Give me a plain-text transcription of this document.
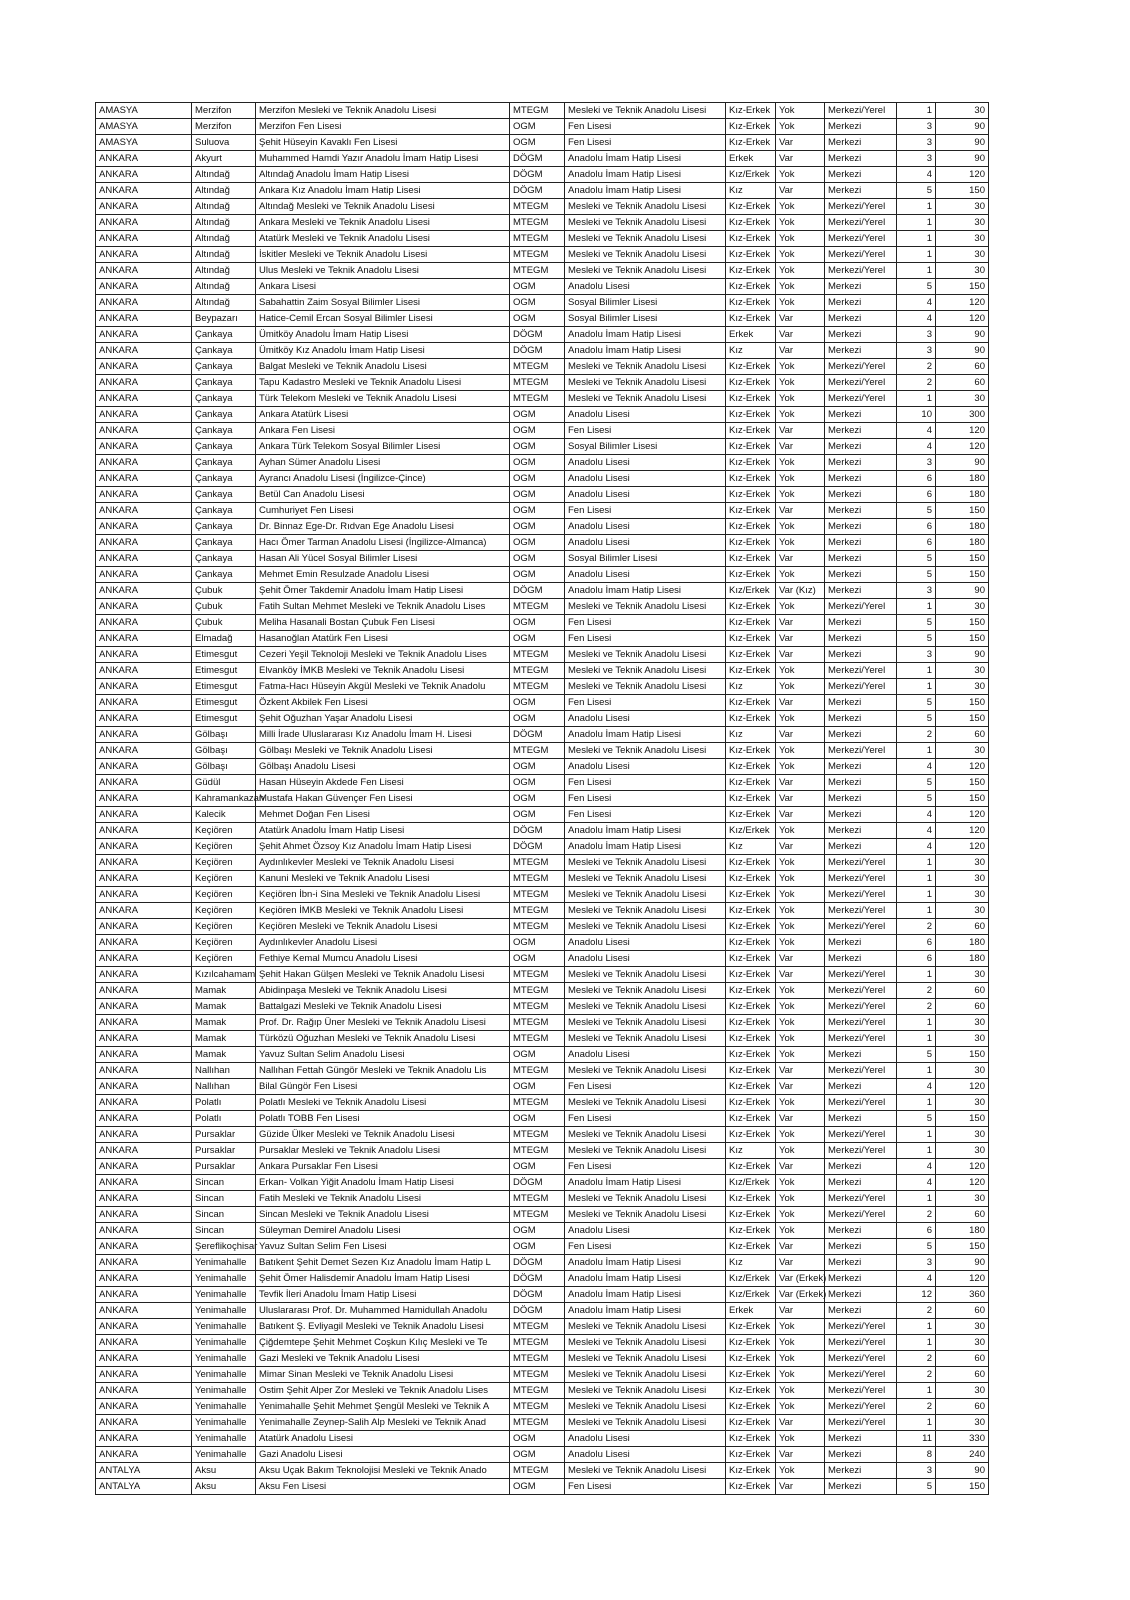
AMASYA	Merzifon	Merzifon Mesleki ve Teknik Anadolu Lisesi	MTEGM	Mesleki ve Teknik Anadolu Lisesi	Kız-Erkek	Yok	Merkezi/Yerel	1	30
AMASYA	Merzifon	Merzifon Fen Lisesi	OGM	Fen Lisesi	Kız-Erkek	Yok	Merkezi	3	90
AMASYA	Suluova	Şehit Hüseyin Kavaklı Fen Lisesi	OGM	Fen Lisesi	Kız-Erkek	Var	Merkezi	3	90
ANKARA	Akyurt	Muhammed Hamdi Yazır Anadolu İmam Hatip Lisesi	DÖGM	Anadolu İmam Hatip Lisesi	Erkek	Var	Merkezi	3	90
ANKARA	Altındağ	Altındağ Anadolu İmam Hatip Lisesi	DÖGM	Anadolu İmam Hatip Lisesi	Kız/Erkek	Yok	Merkezi	4	120
ANKARA	Altındağ	Ankara Kız Anadolu İmam Hatip Lisesi	DÖGM	Anadolu İmam Hatip Lisesi	Kız	Var	Merkezi	5	150
ANKARA	Altındağ	Altındağ Mesleki ve Teknik Anadolu Lisesi	MTEGM	Mesleki ve Teknik Anadolu Lisesi	Kız-Erkek	Yok	Merkezi/Yerel	1	30
ANKARA	Altındağ	Ankara Mesleki ve Teknik Anadolu Lisesi	MTEGM	Mesleki ve Teknik Anadolu Lisesi	Kız-Erkek	Yok	Merkezi/Yerel	1	30
ANKARA	Altındağ	Atatürk Mesleki ve Teknik Anadolu Lisesi	MTEGM	Mesleki ve Teknik Anadolu Lisesi	Kız-Erkek	Yok	Merkezi/Yerel	1	30
ANKARA	Altındağ	İskitler Mesleki ve Teknik Anadolu Lisesi	MTEGM	Mesleki ve Teknik Anadolu Lisesi	Kız-Erkek	Yok	Merkezi/Yerel	1	30
ANKARA	Altındağ	Ulus Mesleki ve Teknik Anadolu Lisesi	MTEGM	Mesleki ve Teknik Anadolu Lisesi	Kız-Erkek	Yok	Merkezi/Yerel	1	30
ANKARA	Altındağ	Ankara Lisesi	OGM	Anadolu Lisesi	Kız-Erkek	Yok	Merkezi	5	150
ANKARA	Altındağ	Sabahattin Zaim Sosyal Bilimler Lisesi	OGM	Sosyal Bilimler Lisesi	Kız-Erkek	Yok	Merkezi	4	120
ANKARA	Beypazarı	Hatice-Cemil Ercan Sosyal Bilimler Lisesi	OGM	Sosyal Bilimler Lisesi	Kız-Erkek	Var	Merkezi	4	120
ANKARA	Çankaya	Ümitköy Anadolu İmam Hatip Lisesi	DÖGM	Anadolu İmam Hatip Lisesi	Erkek	Var	Merkezi	3	90
ANKARA	Çankaya	Ümitköy Kız Anadolu İmam Hatip Lisesi	DÖGM	Anadolu İmam Hatip Lisesi	Kız	Var	Merkezi	3	90
ANKARA	Çankaya	Balgat Mesleki ve Teknik Anadolu Lisesi	MTEGM	Mesleki ve Teknik Anadolu Lisesi	Kız-Erkek	Yok	Merkezi/Yerel	2	60
ANKARA	Çankaya	Tapu Kadastro Mesleki ve Teknik Anadolu Lisesi	MTEGM	Mesleki ve Teknik Anadolu Lisesi	Kız-Erkek	Yok	Merkezi/Yerel	2	60
ANKARA	Çankaya	Türk Telekom Mesleki ve Teknik Anadolu Lisesi	MTEGM	Mesleki ve Teknik Anadolu Lisesi	Kız-Erkek	Yok	Merkezi/Yerel	1	30
ANKARA	Çankaya	Ankara Atatürk Lisesi	OGM	Anadolu Lisesi	Kız-Erkek	Yok	Merkezi	10	300
ANKARA	Çankaya	Ankara Fen Lisesi	OGM	Fen Lisesi	Kız-Erkek	Var	Merkezi	4	120
ANKARA	Çankaya	Ankara Türk Telekom Sosyal Bilimler Lisesi	OGM	Sosyal Bilimler Lisesi	Kız-Erkek	Var	Merkezi	4	120
ANKARA	Çankaya	Ayhan Sümer Anadolu Lisesi	OGM	Anadolu Lisesi	Kız-Erkek	Yok	Merkezi	3	90
ANKARA	Çankaya	Ayrancı Anadolu Lisesi (İngilizce-Çince)	OGM	Anadolu Lisesi	Kız-Erkek	Yok	Merkezi	6	180
ANKARA	Çankaya	Betül Can Anadolu Lisesi	OGM	Anadolu Lisesi	Kız-Erkek	Yok	Merkezi	6	180
ANKARA	Çankaya	Cumhuriyet Fen Lisesi	OGM	Fen Lisesi	Kız-Erkek	Var	Merkezi	5	150
ANKARA	Çankaya	Dr. Binnaz Ege-Dr. Rıdvan Ege Anadolu Lisesi	OGM	Anadolu Lisesi	Kız-Erkek	Yok	Merkezi	6	180
ANKARA	Çankaya	Hacı Ömer Tarman Anadolu Lisesi (İngilizce-Almanca)	OGM	Anadolu Lisesi	Kız-Erkek	Yok	Merkezi	6	180
ANKARA	Çankaya	Hasan Ali Yücel Sosyal Bilimler Lisesi	OGM	Sosyal Bilimler Lisesi	Kız-Erkek	Var	Merkezi	5	150
ANKARA	Çankaya	Mehmet Emin Resulzade Anadolu Lisesi	OGM	Anadolu Lisesi	Kız-Erkek	Yok	Merkezi	5	150
ANKARA	Çubuk	Şehit Ömer Takdemir Anadolu İmam Hatip Lisesi	DÖGM	Anadolu İmam Hatip Lisesi	Kız/Erkek	Var (Kız)	Merkezi	3	90
ANKARA	Çubuk	Fatih Sultan Mehmet Mesleki ve Teknik Anadolu Lises	MTEGM	Mesleki ve Teknik Anadolu Lisesi	Kız-Erkek	Yok	Merkezi/Yerel	1	30
ANKARA	Çubuk	Meliha Hasanali Bostan Çubuk Fen Lisesi	OGM	Fen Lisesi	Kız-Erkek	Var	Merkezi	5	150
ANKARA	Elmadağ	Hasanoğlan Atatürk Fen Lisesi	OGM	Fen Lisesi	Kız-Erkek	Var	Merkezi	5	150
ANKARA	Etimesgut	Cezeri Yeşil Teknoloji Mesleki ve Teknik Anadolu Lises	MTEGM	Mesleki ve Teknik Anadolu Lisesi	Kız-Erkek	Var	Merkezi	3	90
ANKARA	Etimesgut	Elvanköy İMKB Mesleki ve Teknik Anadolu Lisesi	MTEGM	Mesleki ve Teknik Anadolu Lisesi	Kız-Erkek	Yok	Merkezi/Yerel	1	30
ANKARA	Etimesgut	Fatma-Hacı Hüseyin Akgül Mesleki ve Teknik Anadolu	MTEGM	Mesleki ve Teknik Anadolu Lisesi	Kız	Yok	Merkezi/Yerel	1	30
ANKARA	Etimesgut	Özkent Akbilek Fen Lisesi	OGM	Fen Lisesi	Kız-Erkek	Var	Merkezi	5	150
ANKARA	Etimesgut	Şehit Oğuzhan Yaşar Anadolu Lisesi	OGM	Anadolu Lisesi	Kız-Erkek	Yok	Merkezi	5	150
ANKARA	Gölbaşı	Milli İrade Uluslararası Kız Anadolu İmam H. Lisesi	DÖGM	Anadolu İmam Hatip Lisesi	Kız	Var	Merkezi	2	60
ANKARA	Gölbaşı	Gölbaşı Mesleki ve Teknik Anadolu Lisesi	MTEGM	Mesleki ve Teknik Anadolu Lisesi	Kız-Erkek	Yok	Merkezi/Yerel	1	30
ANKARA	Gölbaşı	Gölbaşı Anadolu Lisesi	OGM	Anadolu Lisesi	Kız-Erkek	Yok	Merkezi	4	120
ANKARA	Güdül	Hasan Hüseyin Akdede Fen Lisesi	OGM	Fen Lisesi	Kız-Erkek	Var	Merkezi	5	150
ANKARA	Kahramankazan	Mustafa Hakan Güvençer Fen Lisesi	OGM	Fen Lisesi	Kız-Erkek	Var	Merkezi	5	150
ANKARA	Kalecik	Mehmet Doğan Fen Lisesi	OGM	Fen Lisesi	Kız-Erkek	Var	Merkezi	4	120
ANKARA	Keçiören	Atatürk Anadolu İmam Hatip Lisesi	DÖGM	Anadolu İmam Hatip Lisesi	Kız/Erkek	Yok	Merkezi	4	120
ANKARA	Keçiören	Şehit Ahmet Özsoy Kız Anadolu İmam Hatip Lisesi	DÖGM	Anadolu İmam Hatip Lisesi	Kız	Var	Merkezi	4	120
ANKARA	Keçiören	Aydınlıkevler Mesleki ve Teknik Anadolu Lisesi	MTEGM	Mesleki ve Teknik Anadolu Lisesi	Kız-Erkek	Yok	Merkezi/Yerel	1	30
ANKARA	Keçiören	Kanuni Mesleki ve Teknik Anadolu Lisesi	MTEGM	Mesleki ve Teknik Anadolu Lisesi	Kız-Erkek	Yok	Merkezi/Yerel	1	30
ANKARA	Keçiören	Keçiören İbn-i Sina Mesleki ve Teknik Anadolu Lisesi	MTEGM	Mesleki ve Teknik Anadolu Lisesi	Kız-Erkek	Yok	Merkezi/Yerel	1	30
ANKARA	Keçiören	Keçiören İMKB Mesleki ve Teknik Anadolu Lisesi	MTEGM	Mesleki ve Teknik Anadolu Lisesi	Kız-Erkek	Yok	Merkezi/Yerel	1	30
ANKARA	Keçiören	Keçiören Mesleki ve Teknik Anadolu Lisesi	MTEGM	Mesleki ve Teknik Anadolu Lisesi	Kız-Erkek	Yok	Merkezi/Yerel	2	60
ANKARA	Keçiören	Aydınlıkevler Anadolu Lisesi	OGM	Anadolu Lisesi	Kız-Erkek	Yok	Merkezi	6	180
ANKARA	Keçiören	Fethiye Kemal Mumcu Anadolu Lisesi	OGM	Anadolu Lisesi	Kız-Erkek	Var	Merkezi	6	180
ANKARA	Kızılcahamam	Şehit Hakan Gülşen Mesleki ve Teknik Anadolu Lisesi	MTEGM	Mesleki ve Teknik Anadolu Lisesi	Kız-Erkek	Var	Merkezi/Yerel	1	30
ANKARA	Mamak	Abidinpaşa Mesleki ve Teknik Anadolu Lisesi	MTEGM	Mesleki ve Teknik Anadolu Lisesi	Kız-Erkek	Yok	Merkezi/Yerel	2	60
ANKARA	Mamak	Battalgazi Mesleki ve Teknik Anadolu Lisesi	MTEGM	Mesleki ve Teknik Anadolu Lisesi	Kız-Erkek	Yok	Merkezi/Yerel	2	60
ANKARA	Mamak	Prof. Dr. Rağıp Üner Mesleki ve Teknik Anadolu Lisesi	MTEGM	Mesleki ve Teknik Anadolu Lisesi	Kız-Erkek	Yok	Merkezi/Yerel	1	30
ANKARA	Mamak	Türközü Oğuzhan Mesleki ve Teknik Anadolu Lisesi	MTEGM	Mesleki ve Teknik Anadolu Lisesi	Kız-Erkek	Yok	Merkezi/Yerel	1	30
ANKARA	Mamak	Yavuz Sultan Selim Anadolu Lisesi	OGM	Anadolu Lisesi	Kız-Erkek	Yok	Merkezi	5	150
ANKARA	Nallıhan	Nallıhan Fettah Güngör Mesleki ve Teknik Anadolu Lis	MTEGM	Mesleki ve Teknik Anadolu Lisesi	Kız-Erkek	Var	Merkezi/Yerel	1	30
ANKARA	Nallıhan	Bilal Güngör Fen Lisesi	OGM	Fen Lisesi	Kız-Erkek	Var	Merkezi	4	120
ANKARA	Polatlı	Polatlı Mesleki ve Teknik Anadolu Lisesi	MTEGM	Mesleki ve Teknik Anadolu Lisesi	Kız-Erkek	Yok	Merkezi/Yerel	1	30
ANKARA	Polatlı	Polatlı TOBB Fen Lisesi	OGM	Fen Lisesi	Kız-Erkek	Var	Merkezi	5	150
ANKARA	Pursaklar	Güzide Ülker Mesleki ve Teknik Anadolu Lisesi	MTEGM	Mesleki ve Teknik Anadolu Lisesi	Kız-Erkek	Yok	Merkezi/Yerel	1	30
ANKARA	Pursaklar	Pursaklar Mesleki ve Teknik Anadolu Lisesi	MTEGM	Mesleki ve Teknik Anadolu Lisesi	Kız	Yok	Merkezi/Yerel	1	30
ANKARA	Pursaklar	Ankara Pursaklar Fen Lisesi	OGM	Fen Lisesi	Kız-Erkek	Var	Merkezi	4	120
ANKARA	Sincan	Erkan- Volkan Yiğit Anadolu İmam Hatip Lisesi	DÖGM	Anadolu İmam Hatip Lisesi	Kız/Erkek	Yok	Merkezi	4	120
ANKARA	Sincan	Fatih Mesleki ve Teknik Anadolu Lisesi	MTEGM	Mesleki ve Teknik Anadolu Lisesi	Kız-Erkek	Yok	Merkezi/Yerel	1	30
ANKARA	Sincan	Sincan Mesleki ve Teknik Anadolu Lisesi	MTEGM	Mesleki ve Teknik Anadolu Lisesi	Kız-Erkek	Yok	Merkezi/Yerel	2	60
ANKARA	Sincan	Süleyman Demirel Anadolu Lisesi	OGM	Anadolu Lisesi	Kız-Erkek	Yok	Merkezi	6	180
ANKARA	Şereflikoçhisar	Yavuz Sultan Selim Fen Lisesi	OGM	Fen Lisesi	Kız-Erkek	Var	Merkezi	5	150
ANKARA	Yenimahalle	Batıkent Şehit Demet Sezen Kız Anadolu İmam Hatip L	DÖGM	Anadolu İmam Hatip Lisesi	Kız	Var	Merkezi	3	90
ANKARA	Yenimahalle	Şehit Ömer Halisdemir Anadolu İmam Hatip Lisesi	DÖGM	Anadolu İmam Hatip Lisesi	Kız/Erkek	Var (Erkek)	Merkezi	4	120
ANKARA	Yenimahalle	Tevfik İleri Anadolu İmam Hatip Lisesi	DÖGM	Anadolu İmam Hatip Lisesi	Kız/Erkek	Var (Erkek)	Merkezi	12	360
ANKARA	Yenimahalle	Uluslararası Prof. Dr. Muhammed Hamidullah Anadolu	DÖGM	Anadolu İmam Hatip Lisesi	Erkek	Var	Merkezi	2	60
ANKARA	Yenimahalle	Batıkent Ş. Evliyagil Mesleki ve Teknik Anadolu Lisesi	MTEGM	Mesleki ve Teknik Anadolu Lisesi	Kız-Erkek	Yok	Merkezi/Yerel	1	30
ANKARA	Yenimahalle	Çiğdemtepe Şehit Mehmet Coşkun Kılıç Mesleki ve Te	MTEGM	Mesleki ve Teknik Anadolu Lisesi	Kız-Erkek	Yok	Merkezi/Yerel	1	30
ANKARA	Yenimahalle	Gazi Mesleki ve Teknik Anadolu Lisesi	MTEGM	Mesleki ve Teknik Anadolu Lisesi	Kız-Erkek	Yok	Merkezi/Yerel	2	60
ANKARA	Yenimahalle	Mimar Sinan Mesleki ve Teknik Anadolu Lisesi	MTEGM	Mesleki ve Teknik Anadolu Lisesi	Kız-Erkek	Yok	Merkezi/Yerel	2	60
ANKARA	Yenimahalle	Ostim Şehit Alper Zor Mesleki ve Teknik Anadolu Lises	MTEGM	Mesleki ve Teknik Anadolu Lisesi	Kız-Erkek	Yok	Merkezi/Yerel	1	30
ANKARA	Yenimahalle	Yenimahalle Şehit Mehmet Şengül Mesleki ve Teknik A	MTEGM	Mesleki ve Teknik Anadolu Lisesi	Kız-Erkek	Yok	Merkezi/Yerel	2	60
ANKARA	Yenimahalle	Yenimahalle Zeynep-Salih Alp Mesleki ve Teknik Anad	MTEGM	Mesleki ve Teknik Anadolu Lisesi	Kız-Erkek	Var	Merkezi/Yerel	1	30
ANKARA	Yenimahalle	Atatürk Anadolu Lisesi	OGM	Anadolu Lisesi	Kız-Erkek	Yok	Merkezi	11	330
ANKARA	Yenimahalle	Gazi Anadolu Lisesi	OGM	Anadolu Lisesi	Kız-Erkek	Var	Merkezi	8	240
ANTALYA	Aksu	Aksu Uçak Bakım Teknolojisi Mesleki ve Teknik Anado	MTEGM	Mesleki ve Teknik Anadolu Lisesi	Kız-Erkek	Yok	Merkezi	3	90
ANTALYA	Aksu	Aksu Fen Lisesi	OGM	Fen Lisesi	Kız-Erkek	Var	Merkezi	5	150
